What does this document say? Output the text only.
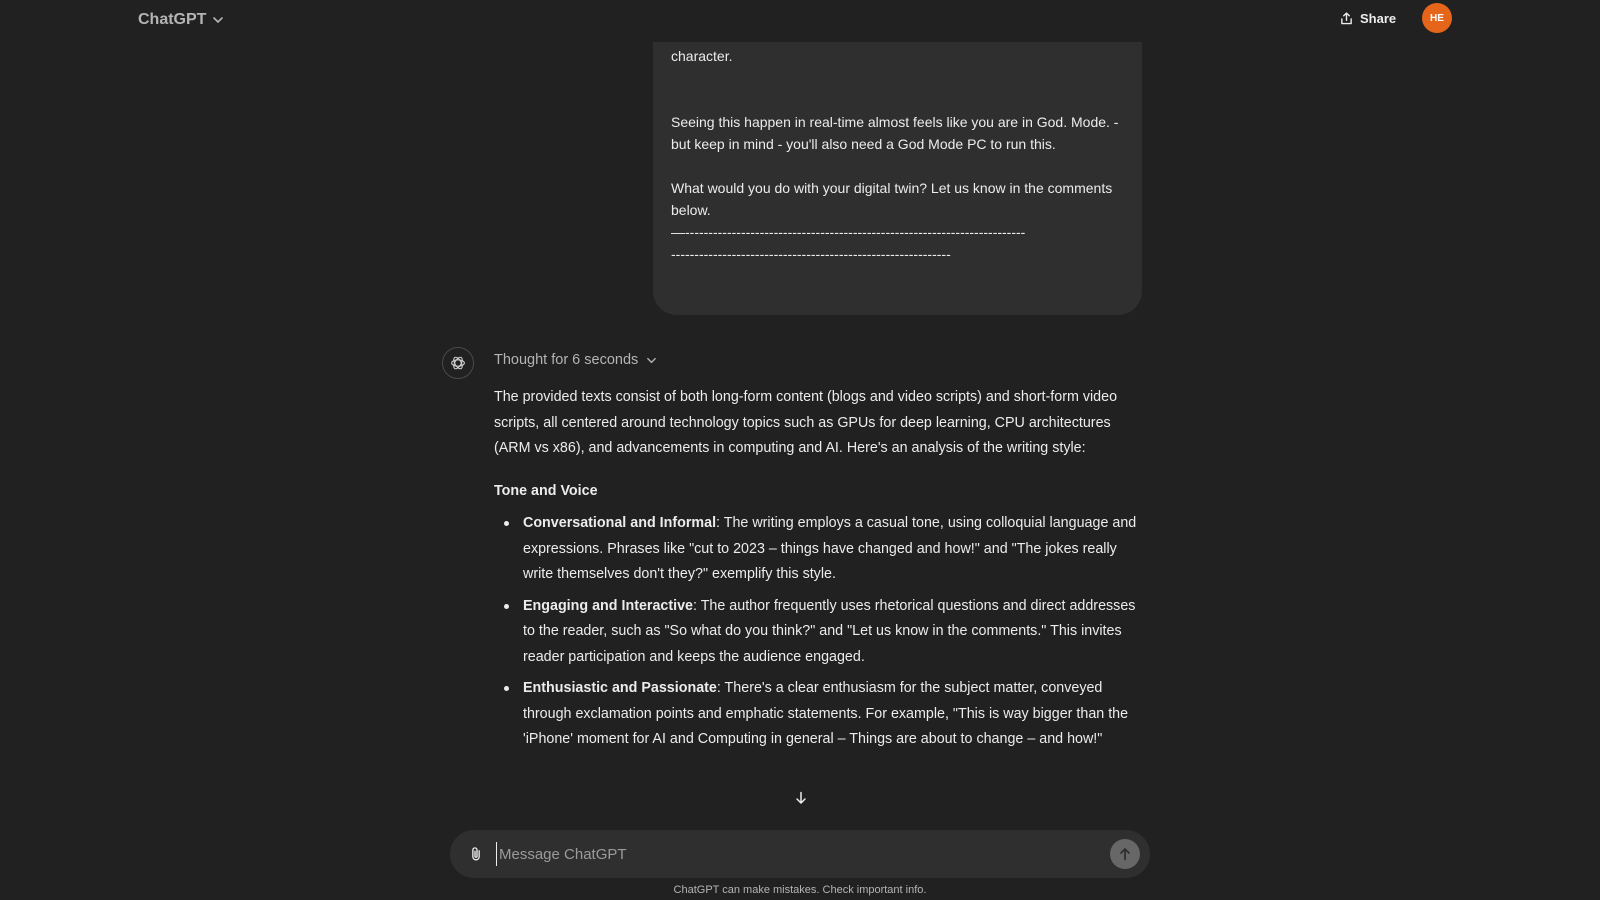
ChatGPT	Share	HE

character.

Seeing this happen in real-time almost feels like you are in God. Mode. - but keep in mind - you'll also need a God Mode PC to run this.

What would you do with your digital twin? Let us know in the comments below.

—-------------------------------------------------------------------------

------------------------------------------------------------

Thought for 6 seconds

The provided texts consist of both long-form content (blogs and video scripts) and short-form video scripts, all centered around technology topics such as GPUs for deep learning, CPU architectures (ARM vs x86), and advancements in computing and AI. Here's an analysis of the writing style:

Tone and Voice
Conversational and Informal: The writing employs a casual tone, using colloquial language and expressions. Phrases like "cut to 2023 – things have changed and how!" and "The jokes really write themselves don't they?" exemplify this style.
Engaging and Interactive: The author frequently uses rhetorical questions and direct addresses to the reader, such as "So what do you think?" and "Let us know in the comments." This invites reader participation and keeps the audience engaged.
Enthusiastic and Passionate: There's a clear enthusiasm for the subject matter, conveyed through exclamation points and emphatic statements. For example, "This is way bigger than the 'iPhone' moment for AI and Computing in general – Things are about to change – and how!"
Message ChatGPT
ChatGPT can make mistakes. Check important info.
